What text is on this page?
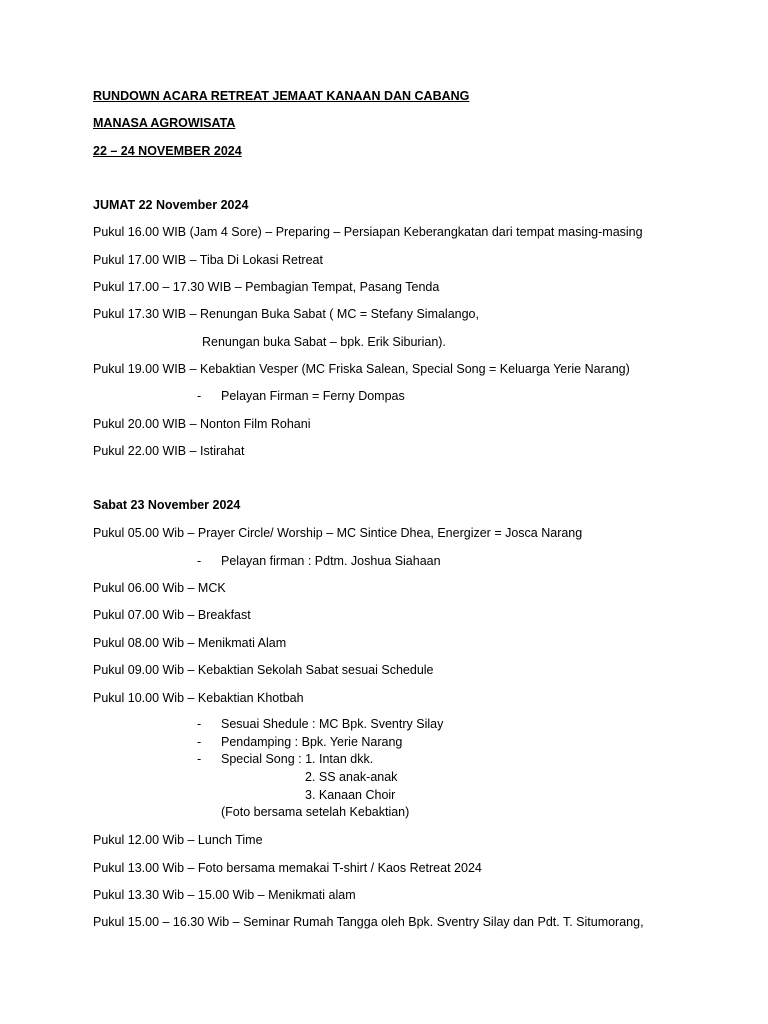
RUNDOWN ACARA RETREAT JEMAAT KANAAN DAN CABANG
MANASA AGROWISATA
22 – 24 NOVEMBER 2024
JUMAT 22 November 2024
Pukul 16.00 WIB (Jam 4 Sore) – Preparing – Persiapan Keberangkatan dari tempat masing-masing
Pukul 17.00 WIB – Tiba Di Lokasi Retreat
Pukul 17.00 – 17.30 WIB – Pembagian Tempat, Pasang Tenda
Pukul 17.30 WIB – Renungan Buka Sabat ( MC = Stefany Simalango,
Renungan buka Sabat – bpk. Erik Siburian).
Pukul 19.00 WIB – Kebaktian Vesper (MC Friska Salean, Special Song = Keluarga Yerie Narang)
- Pelayan Firman = Ferny Dompas
Pukul 20.00 WIB – Nonton Film Rohani
Pukul 22.00 WIB – Istirahat
Sabat 23 November 2024
Pukul 05.00 Wib – Prayer Circle/ Worship – MC Sintice Dhea, Energizer = Josca Narang
- Pelayan firman : Pdtm. Joshua Siahaan
Pukul 06.00 Wib – MCK
Pukul 07.00 Wib – Breakfast
Pukul 08.00 Wib – Menikmati Alam
Pukul 09.00 Wib – Kebaktian Sekolah Sabat sesuai Schedule
Pukul 10.00 Wib – Kebaktian Khotbah
- Sesuai Shedule : MC Bpk. Sventry Silay
- Pendamping : Bpk. Yerie Narang
- Special Song : 1. Intan dkk.
2. SS anak-anak
3. Kanaan Choir
(Foto bersama setelah Kebaktian)
Pukul 12.00 Wib – Lunch Time
Pukul 13.00 Wib – Foto bersama memakai T-shirt / Kaos Retreat 2024
Pukul 13.30 Wib – 15.00 Wib – Menikmati alam
Pukul 15.00 – 16.30 Wib – Seminar Rumah Tangga oleh Bpk. Sventry Silay dan Pdt. T. Situmorang,
